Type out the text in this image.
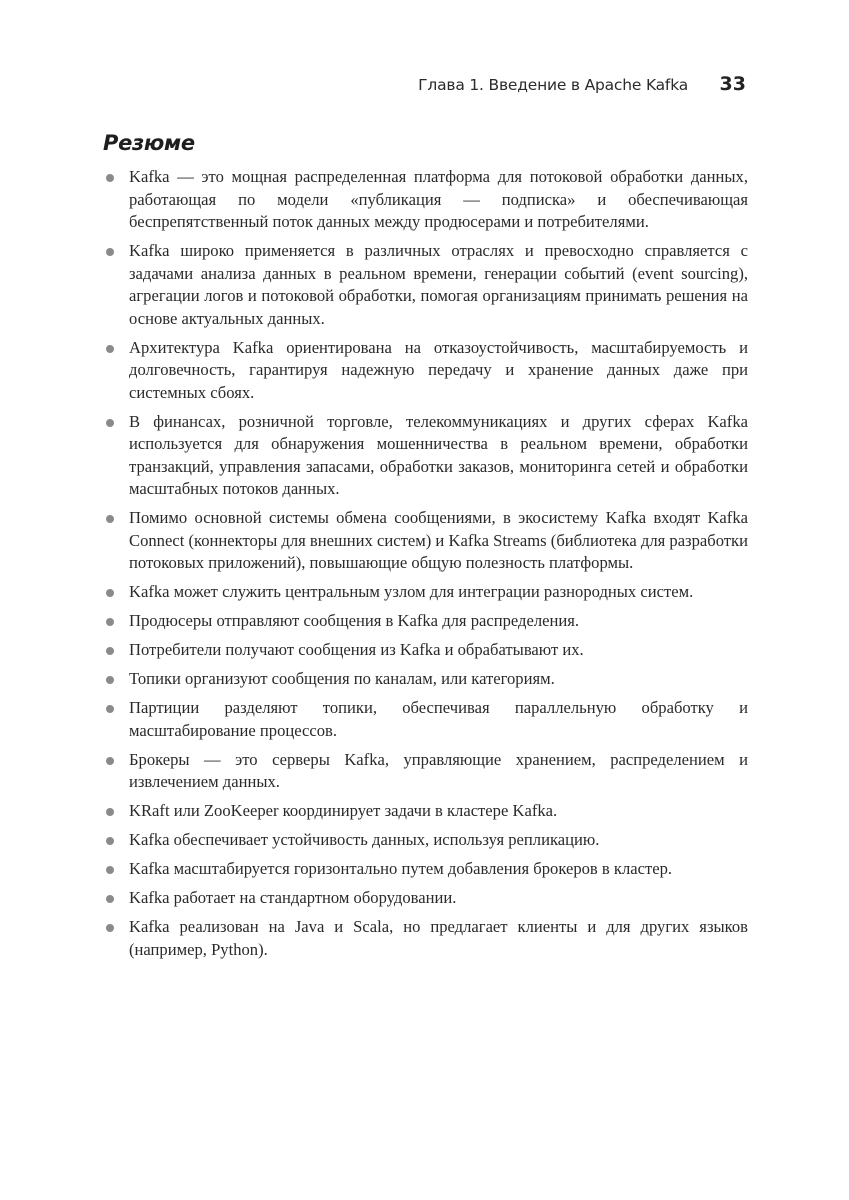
Глава 1. Введение в Apache Kafka 33
Резюме
Kafka — это мощная распределенная платформа для потоковой обработки данных, работающая по модели «публикация — подписка» и обеспечивающая беспрепятственный поток данных между продюсерами и потребителями.
Kafka широко применяется в различных отраслях и превосходно справляется с задачами анализа данных в реальном времени, генерации событий (event sourcing), агрегации логов и потоковой обработки, помогая организациям принимать решения на основе актуальных данных.
Архитектура Kafka ориентирована на отказоустойчивость, масштабируемость и долговечность, гарантируя надежную передачу и хранение данных даже при системных сбоях.
В финансах, розничной торговле, телекоммуникациях и других сферах Kafka используется для обнаружения мошенничества в реальном времени, обработки транзакций, управления запасами, обработки заказов, мониторинга сетей и обработки масштабных потоков данных.
Помимо основной системы обмена сообщениями, в экосистему Kafka входят Kafka Connect (коннекторы для внешних систем) и Kafka Streams (библиотека для разработки потоковых приложений), повышающие общую полезность платформы.
Kafka может служить центральным узлом для интеграции разнородных систем.
Продюсеры отправляют сообщения в Kafka для распределения.
Потребители получают сообщения из Kafka и обрабатывают их.
Топики организуют сообщения по каналам, или категориям.
Партиции разделяют топики, обеспечивая параллельную обработку и масштабирование процессов.
Брокеры — это серверы Kafka, управляющие хранением, распределением и извлечением данных.
KRaft или ZooKeeper координирует задачи в кластере Kafka.
Kafka обеспечивает устойчивость данных, используя репликацию.
Kafka масштабируется горизонтально путем добавления брокеров в кластер.
Kafka работает на стандартном оборудовании.
Kafka реализован на Java и Scala, но предлагает клиенты и для других языков (например, Python).
